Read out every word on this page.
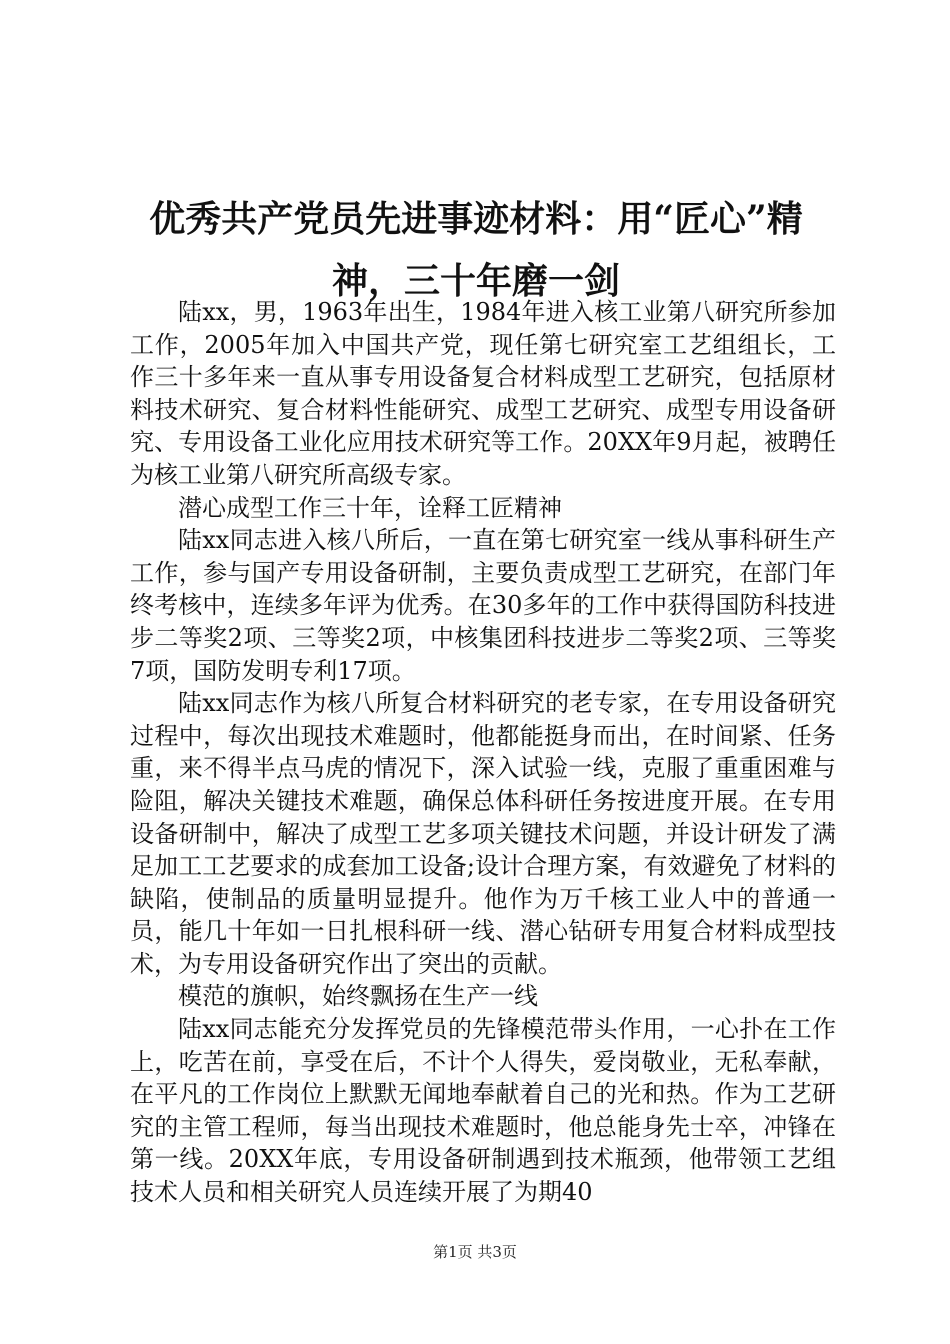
优秀共产党员先进事迹材料：用“匠心”精神，三十年磨一剑

陆xx，男，1963年出生，1984年进入核工业第八研究所参加工作，2005年加入中国共产党，现任第七研究室工艺组组长，工作三十多年来一直从事专用设备复合材料成型工艺研究，包括原材料技术研究、复合材料性能研究、成型工艺研究、成型专用设备研究、专用设备工业化应用技术研究等工作。20XX年9月起，被聘任为核工业第八研究所高级专家。

潜心成型工作三十年，诠释工匠精神

陆xx同志进入核八所后，一直在第七研究室一线从事科研生产工作，参与国产专用设备研制，主要负责成型工艺研究，在部门年终考核中，连续多年评为优秀。在30多年的工作中获得国防科技进步二等奖2项、三等奖2项，中核集团科技进步二等奖2项、三等奖7项，国防发明专利17项。

陆xx同志作为核八所复合材料研究的老专家，在专用设备研究过程中，每次出现技术难题时，他都能挺身而出，在时间紧、任务重，来不得半点马虎的情况下，深入试验一线，克服了重重困难与险阻，解决关键技术难题，确保总体科研任务按进度开展。在专用设备研制中，解决了成型工艺多项关键技术问题，并设计研发了满足加工工艺要求的成套加工设备;设计合理方案，有效避免了材料的缺陷，使制品的质量明显提升。他作为万千核工业人中的普通一员，能几十年如一日扎根科研一线、潜心钻研专用复合材料成型技术，为专用设备研究作出了突出的贡献。

模范的旗帜，始终飘扬在生产一线

陆xx同志能充分发挥党员的先锋模范带头作用，一心扑在工作上，吃苦在前，享受在后，不计个人得失，爱岗敬业，无私奉献，在平凡的工作岗位上默默无闻地奉献着自己的光和热。作为工艺研究的主管工程师，每当出现技术难题时，他总能身先士卒，冲锋在第一线。20XX年底，专用设备研制遇到技术瓶颈，他带领工艺组技术人员和相关研究人员连续开展了为期40

第1页 共3页
